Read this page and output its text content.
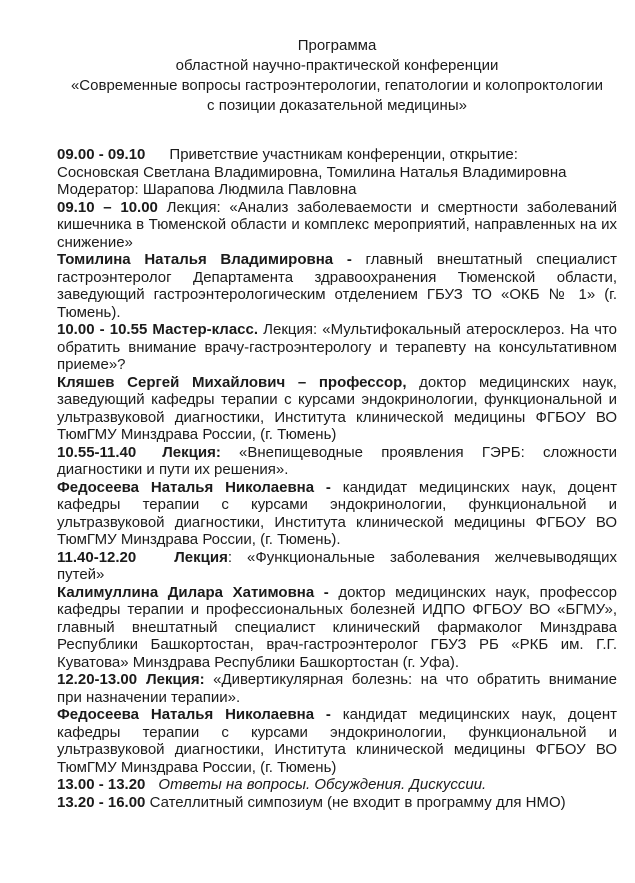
Программа
областной научно-практической конференции
«Современные вопросы гастроэнтерологии, гепатологии и колопроктологии
с позиции доказательной медицины»

09.00 - 09.10 Приветствие участникам конференции, открытие:

Сосновская Светлана Владимировна, Томилина Наталья Владимировна

Модератор: Шарапова Людмила Павловна

09.10 – 10.00 Лекция: «Анализ заболеваемости и смертности заболеваний кишечника в Тюменской области и комплекс мероприятий, направленных на их снижение»

Томилина Наталья Владимировна - главный внештатный специалист гастроэнтеролог Департамента здравоохранения Тюменской области, заведующий гастроэнтерологическим отделением ГБУЗ ТО «ОКБ № 1» (г. Тюмень).

10.00 - 10.55 Мастер-класс. Лекция: «Мультифокальный атеросклероз. На что обратить внимание врачу-гастроэнтерологу и терапевту на консультативном приеме»?

Кляшев Сергей Михайлович – профессор, доктор медицинских наук, заведующий кафедры терапии с курсами эндокринологии, функциональной и ультразвуковой диагностики, Института клинической медицины ФГБОУ ВО ТюмГМУ Минздрава России, (г. Тюмень)

10.55-11.40 Лекция: «Внепищеводные проявления ГЭРБ: сложности диагностики и пути их решения».

Федосеева Наталья Николаевна - кандидат медицинских наук, доцент кафедры терапии с курсами эндокринологии, функциональной и ультразвуковой диагностики, Института клинической медицины ФГБОУ ВО ТюмГМУ Минздрава России, (г. Тюмень).

11.40-12.20	Лекция: «Функциональные заболевания желчевыводящих путей»

Калимуллина Дилара Хатимовна - доктор медицинских наук, профессор кафедры терапии и профессиональных болезней ИДПО ФГБОУ ВО «БГМУ», главный внештатный специалист клинический фармаколог Минздрава Республики Башкортостан, врач-гастроэнтеролог ГБУЗ РБ «РКБ им. Г.Г. Куватова» Минздрава Республики Башкортостан (г. Уфа).

12.20-13.00 Лекция: «Дивертикулярная болезнь: на что обратить внимание при назначении терапии».

Федосеева Наталья Николаевна - кандидат медицинских наук, доцент кафедры терапии с курсами эндокринологии, функциональной и ультразвуковой диагностики, Института клинической медицины ФГБОУ ВО ТюмГМУ Минздрава России, (г. Тюмень)

13.00 - 13.20 Ответы на вопросы. Обсуждения. Дискуссии.

13.20 - 16.00 Сателлитный симпозиум (не входит в программу для НМО)
